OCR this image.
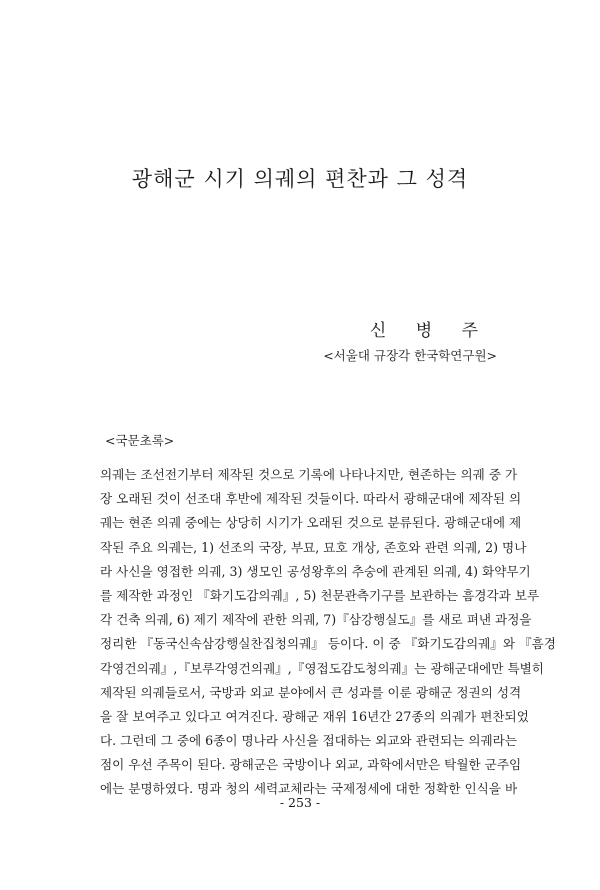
광해군 시기 의궤의 편찬과 그 성격
신 병 주
<서울대 규장각 한국학연구원>
<국문초록>
의궤는 조선전기부터 제작된 것으로 기록에 나타나지만, 현존하는 의궤 중 가
장 오래된 것이 선조대 후반에 제작된 것들이다. 따라서 광해군대에 제작된 의
궤는 현존 의궤 중에는 상당히 시기가 오래된 것으로 분류된다. 광해군대에 제
작된 주요 의궤는, 1) 선조의 국장, 부묘, 묘호 개상, 존호와 관련 의궤, 2) 명나
라 사신을 영접한 의궤, 3) 생모인 공성왕후의 추숭에 관계된 의궤, 4) 화약무기
를 제작한 과정인 『화기도감의궤』, 5) 천문관측기구를 보관하는 흠경각과 보루
각 건축 의궤, 6) 제기 제작에 관한 의궤, 7)『삼강행실도』를 새로 펴낸 과정을
정리한 『동국신속삼강행실찬집청의궤』 등이다. 이 중 『화기도감의궤』와 『흠경
각영건의궤』,『보루각영건의궤』,『영접도감도청의궤』는 광해군대에만 특별히
제작된 의궤들로서, 국방과 외교 분야에서 큰 성과를 이룬 광해군 정권의 성격
을 잘 보여주고 있다고 여겨진다. 광해군 재위 16년간 27종의 의궤가 편찬되었
다. 그런데 그 중에 6종이 명나라 사신을 접대하는 외교와 관련되는 의궤라는
점이 우선 주목이 된다. 광해군은 국방이나 외교, 과학에서만은 탁월한 군주임
에는 분명하였다. 명과 청의 세력교체라는 국제정세에 대한 정확한 인식을 바
- 253 -
